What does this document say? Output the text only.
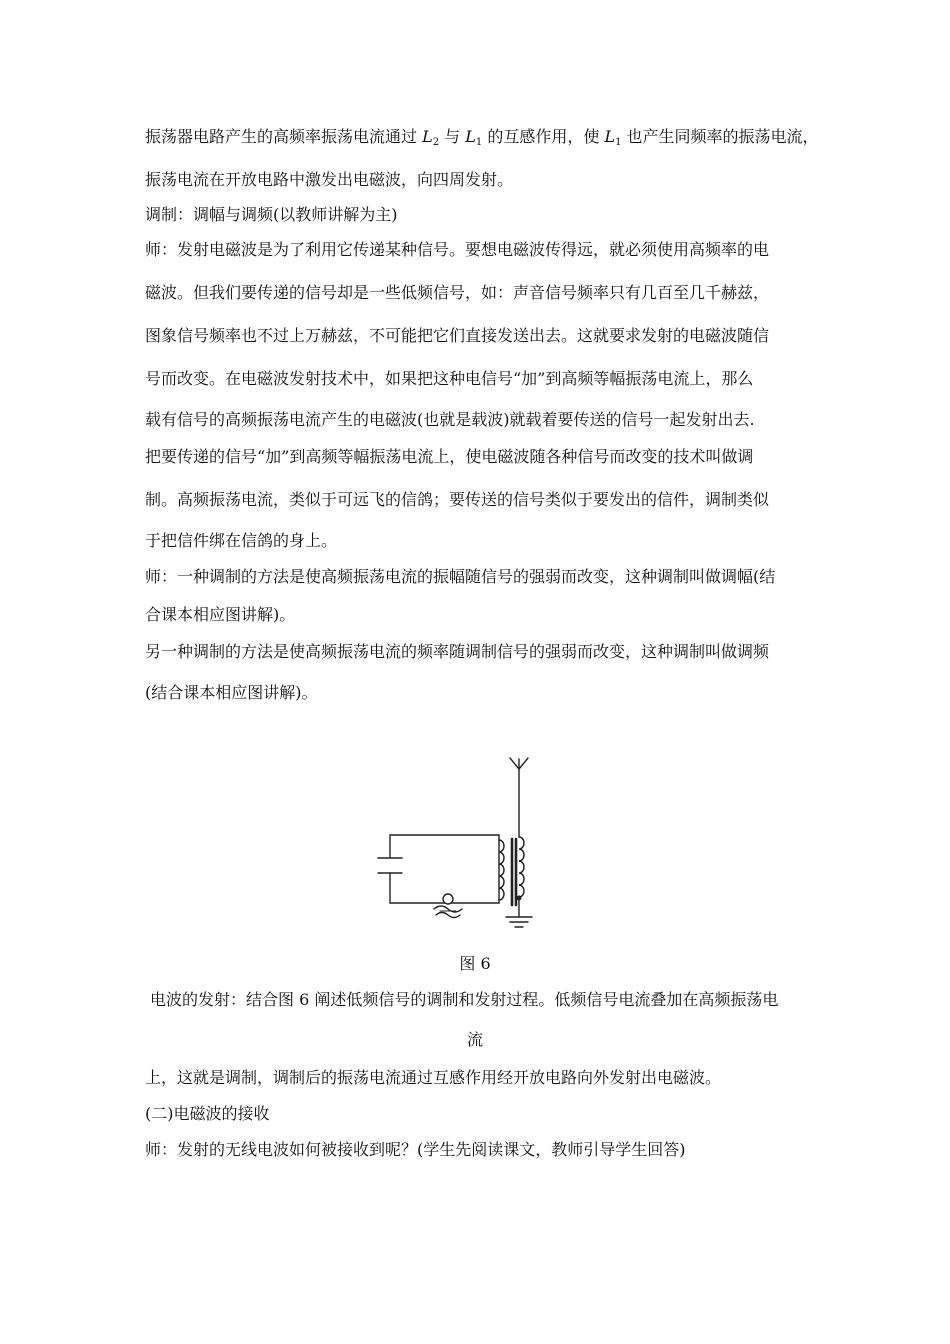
振荡器电路产生的高频率振荡电流通过 $L_2$ 与 $L_1$ 的互感作用，使 $L_1$ 也产生同频率的振荡电流，
振荡电流在开放电路中激发出电磁波，向四周发射。
调制：调幅与调频(以教师讲解为主)
师：发射电磁波是为了利用它传递某种信号。要想电磁波传得远，就必须使用高频率的电
磁波。但我们要传递的信号却是一些低频信号，如：声音信号频率只有几百至几千赫兹，
图象信号频率也不过上万赫兹，不可能把它们直接发送出去。这就要求发射的电磁波随信
号而改变。在电磁波发射技术中，如果把这种电信号“加”到高频等幅振荡电流上，那么
载有信号的高频振荡电流产生的电磁波(也就是载波)就载着要传送的信号一起发射出去.
把要传递的信号“加”到高频等幅振荡电流上，使电磁波随各种信号而改变的技术叫做调
制。高频振荡电流，类似于可远飞的信鸽；要传送的信号类似于要发出的信件，调制类似
于把信件绑在信鸽的身上。
师：一种调制的方法是使高频振荡电流的振幅随信号的强弱而改变，这种调制叫做调幅(结
合课本相应图讲解)。
另一种调制的方法是使高频振荡电流的频率随调制信号的强弱而改变，这种调制叫做调频
(结合课本相应图讲解)。
图 6
电波的发射：结合图 6 阐述低频信号的调制和发射过程。低频信号电流叠加在高频振荡电
流
上，这就是调制，调制后的振荡电流通过互感作用经开放电路向外发射出电磁波。
(二)电磁波的接收
师：发射的无线电波如何被接收到呢？(学生先阅读课文，教师引导学生回答)
